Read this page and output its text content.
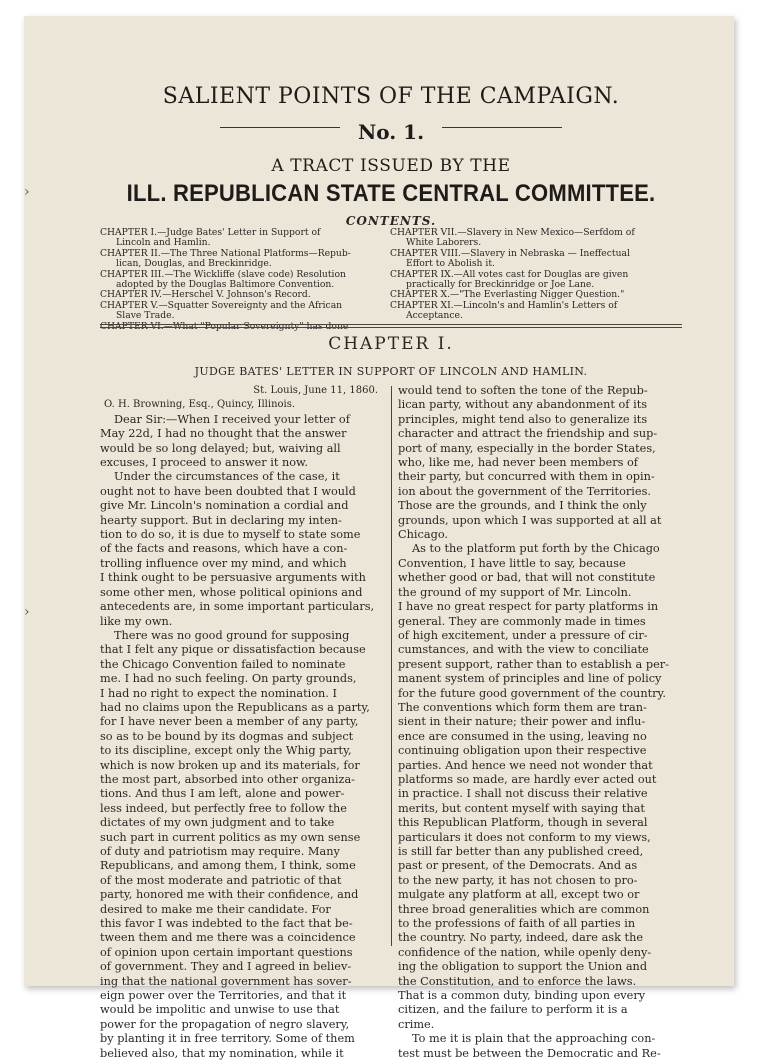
›
›
SALIENT POINTS OF THE CAMPAIGN.
No. 1.
A TRACT ISSUED BY THE
ILL. REPUBLICAN STATE CENTRAL COMMITTEE.
CONTENTS.
CHAPTER I.—Judge Bates' Letter in Support of
Lincoln and Hamlin.
CHAPTER II.—The Three National Platforms—Repub-
lican, Douglas, and Breckinridge.
CHAPTER III.—The Wickliffe (slave code) Resolution
adopted by the Douglas Baltimore Convention.
CHAPTER IV.—Herschel V. Johnson's Record.
CHAPTER V.—Squatter Sovereignty and the African
Slave Trade.
CHAPTER VII.—Slavery in New Mexico—Serfdom of
White Laborers.
CHAPTER VIII.—Slavery in Nebraska — Ineffectual
Effort to Abolish it.
CHAPTER IX.—All votes cast for Douglas are given
practically for Breckinridge or Joe Lane.
CHAPTER X.—"The Everlasting Nigger Question."
CHAPTER XI.—Lincoln's and Hamlin's Letters of
Acceptance.
CHAPTER I.
JUDGE BATES' LETTER IN SUPPORT OF LINCOLN AND HAMLIN.
St. Louis, June 11, 1860.
O. H. Browning, Esq., Quincy, Illinois.
Dear Sir:—When I received your letter of
May 22d, I had no thought that the answer
would be so long delayed; but, waiving all
excuses, I proceed to answer it now.
Under the circumstances of the case, it
ought not to have been doubted that I would
give Mr. Lincoln's nomination a cordial and
hearty support. But in declaring my inten-
tion to do so, it is due to myself to state some
of the facts and reasons, which have a con-
trolling influence over my mind, and which
I think ought to be persuasive arguments with
some other men, whose political opinions and
antecedents are, in some important particulars,
like my own.
There was no good ground for supposing
that I felt any pique or dissatisfaction because
the Chicago Convention failed to nominate
me. I had no such feeling. On party grounds,
I had no right to expect the nomination. I
had no claims upon the Republicans as a party,
for I have never been a member of any party,
so as to be bound by its dogmas and subject
to its discipline, except only the Whig party,
which is now broken up and its materials, for
the most part, absorbed into other organiza-
tions. And thus I am left, alone and power-
less indeed, but perfectly free to follow the
dictates of my own judgment and to take
such part in current politics as my own sense
of duty and patriotism may require. Many
Republicans, and among them, I think, some
of the most moderate and patriotic of that
party, honored me with their confidence, and
desired to make me their candidate. For
this favor I was indebted to the fact that be-
tween them and me there was a coincidence
of opinion upon certain important questions
of government. They and I agreed in believ-
ing that the national government has sover-
eign power over the Territories, and that it
would be impolitic and unwise to use that
power for the propagation of negro slavery,
by planting it in free territory. Some of them
believed also, that my nomination, while it
would tend to soften the tone of the Repub-
lican party, without any abandonment of its
principles, might tend also to generalize its
character and attract the friendship and sup-
port of many, especially in the border States,
who, like me, had never been members of
their party, but concurred with them in opin-
ion about the government of the Territories.
Those are the grounds, and I think the only
grounds, upon which I was supported at all at
Chicago.
As to the platform put forth by the Chicago
Convention, I have little to say, because
whether good or bad, that will not constitute
the ground of my support of Mr. Lincoln.
I have no great respect for party platforms in
general. They are commonly made in times
of high excitement, under a pressure of cir-
cumstances, and with the view to conciliate
present support, rather than to establish a per-
manent system of principles and line of policy
for the future good government of the country.
The conventions which form them are tran-
sient in their nature; their power and influ-
ence are consumed in the using, leaving no
continuing obligation upon their respective
parties. And hence we need not wonder that
platforms so made, are hardly ever acted out
in practice. I shall not discuss their relative
merits, but content myself with saying that
this Republican Platform, though in several
particulars it does not conform to my views,
is still far better than any published creed,
past or present, of the Democrats. And as
to the new party, it has not chosen to pro-
mulgate any platform at all, except two or
three broad generalities which are common
to the professions of faith of all parties in
the country. No party, indeed, dare ask the
confidence of the nation, while openly deny-
ing the obligation to support the Union and
the Constitution, and to enforce the laws.
That is a common duty, binding upon every
citizen, and the failure to perform it is a
crime.
To me it is plain that the approaching con-
test must be between the Democratic and Re-
